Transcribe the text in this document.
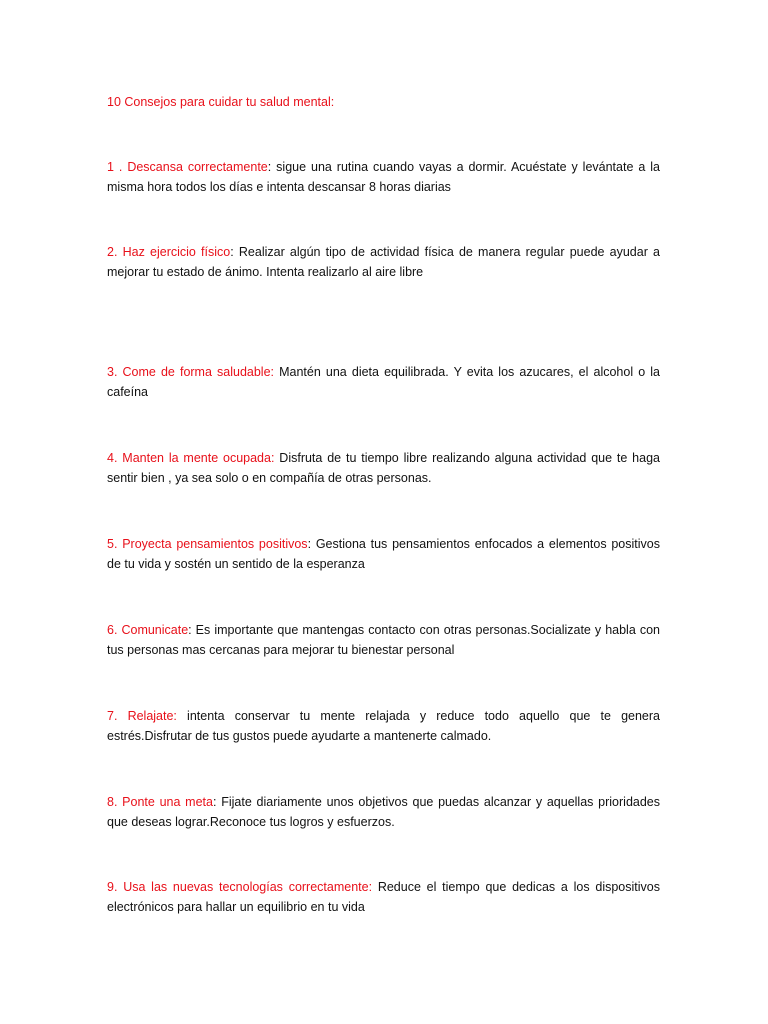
10 Consejos para cuidar tu salud mental:

1 . Descansa correctamente: sigue una rutina cuando vayas a dormir. Acuéstate y levántate a la misma hora todos los días e intenta descansar 8 horas diarias

2. Haz ejercicio físico: Realizar algún tipo de actividad física de manera regular puede ayudar a mejorar tu estado de ánimo. Intenta realizarlo al aire libre

3. Come de forma saludable: Mantén una dieta equilibrada. Y evita los azucares, el alcohol o la cafeína

4. Manten la mente ocupada: Disfruta de tu tiempo libre realizando alguna actividad que te haga sentir bien , ya sea solo o en compañía de otras personas.

5. Proyecta pensamientos positivos: Gestiona tus pensamientos enfocados a elementos positivos de tu vida y sostén un sentido de la esperanza

6. Comunicate: Es importante que mantengas contacto con otras personas.Socializate y habla con tus personas mas cercanas para mejorar tu bienestar personal

7. Relajate: intenta conservar tu mente relajada y reduce todo aquello que te genera estrés.Disfrutar de tus gustos puede ayudarte a mantenerte calmado.

8. Ponte una meta: Fijate diariamente unos objetivos que puedas alcanzar y aquellas prioridades que deseas lograr.Reconoce tus logros y esfuerzos.

9. Usa las nuevas tecnologías correctamente: Reduce el tiempo que dedicas a los dispositivos electrónicos para hallar un equilibrio en tu vida
